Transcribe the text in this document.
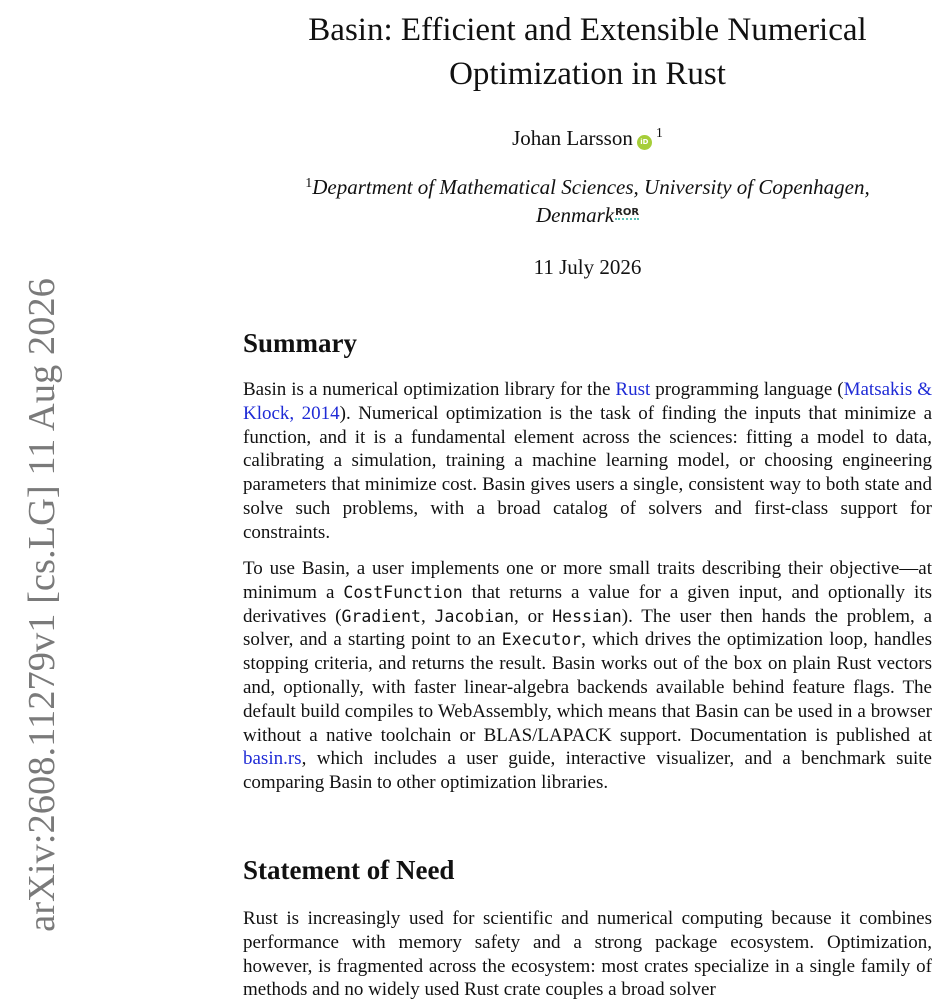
arXiv:2608.11279v1 [cs.LG] 11 Aug 2026
Basin: Efficient and Extensible Numerical
Optimization in Rust
Johan Larsson iD$^1$
$^1$Department of Mathematical Sciences, University of Copenhagen,
DenmarkROR
11 July 2026
Summary

Basin is a numerical optimization library for the Rust programming language (Matsakis & Klock, 2014). Numerical optimization is the task of finding the inputs that minimize a function, and it is a fundamental element across the sciences: fitting a model to data, calibrating a simulation, training a machine learning model, or choosing engineering parameters that minimize cost. Basin gives users a single, consistent way to both state and solve such problems, with a broad catalog of solvers and first-class support for constraints.

To use Basin, a user implements one or more small traits describing their objective—at minimum a CostFunction that returns a value for a given input, and optionally its derivatives (Gradient, Jacobian, or Hessian). The user then hands the problem, a solver, and a starting point to an Executor, which drives the optimization loop, handles stopping criteria, and returns the result. Basin works out of the box on plain Rust vectors and, optionally, with faster linear-algebra backends available behind feature flags. The default build compiles to WebAssembly, which means that Basin can be used in a browser without a native toolchain or BLAS/LAPACK support. Documentation is published at basin.rs, which includes a user guide, interactive visualizer, and a benchmark suite comparing Basin to other optimization libraries.

Statement of Need

Rust is increasingly used for scientific and numerical computing because it combines performance with memory safety and a strong package ecosystem. Optimization, however, is fragmented across the ecosystem: most crates specialize in a single family of methods and no widely used Rust crate couples a broad solver
